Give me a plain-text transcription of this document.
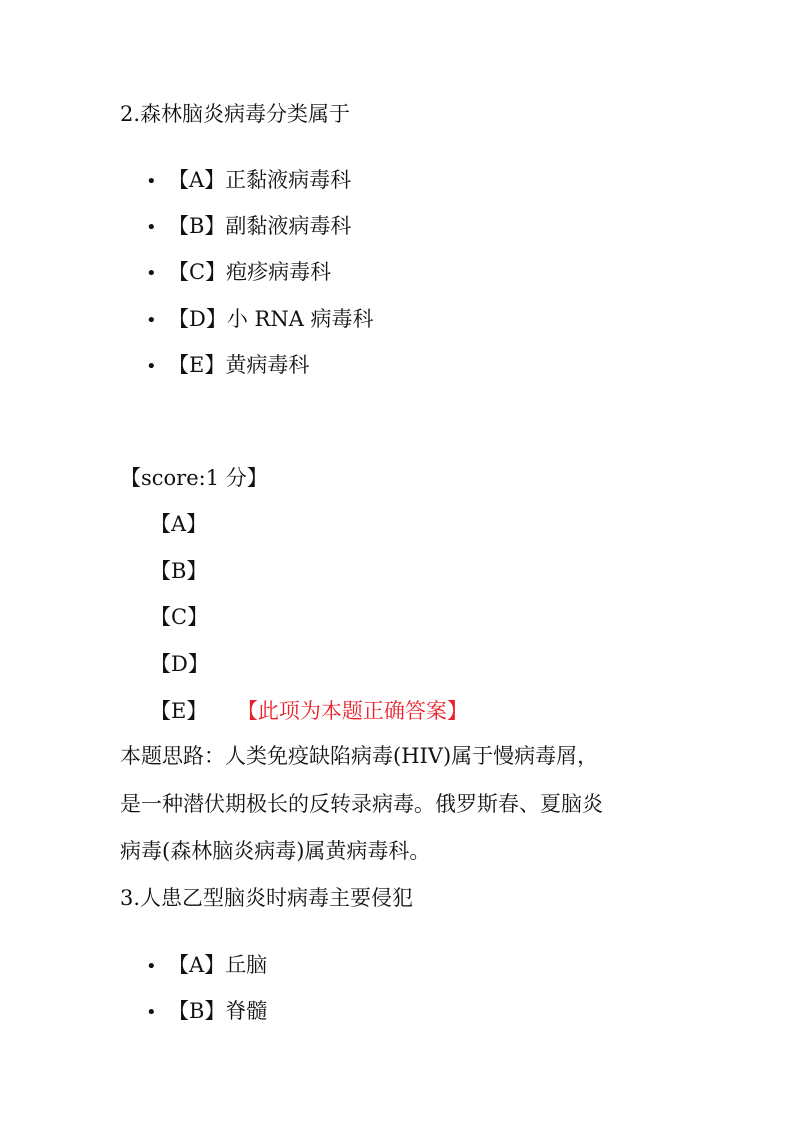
2.森林脑炎病毒分类属于
• 【A】正黏液病毒科
• 【B】副黏液病毒科
• 【C】疱疹病毒科
• 【D】小 RNA 病毒科
• 【E】黄病毒科
【score:1 分】
【A】
【B】
【C】
【D】
【E】 【此项为本题正确答案】
本题思路：人类免疫缺陷病毒(HIV)属于慢病毒屑，
是一种潜伏期极长的反转录病毒。俄罗斯春、夏脑炎
病毒(森林脑炎病毒)属黄病毒科。
3.人患乙型脑炎时病毒主要侵犯
• 【A】丘脑
• 【B】脊髓
